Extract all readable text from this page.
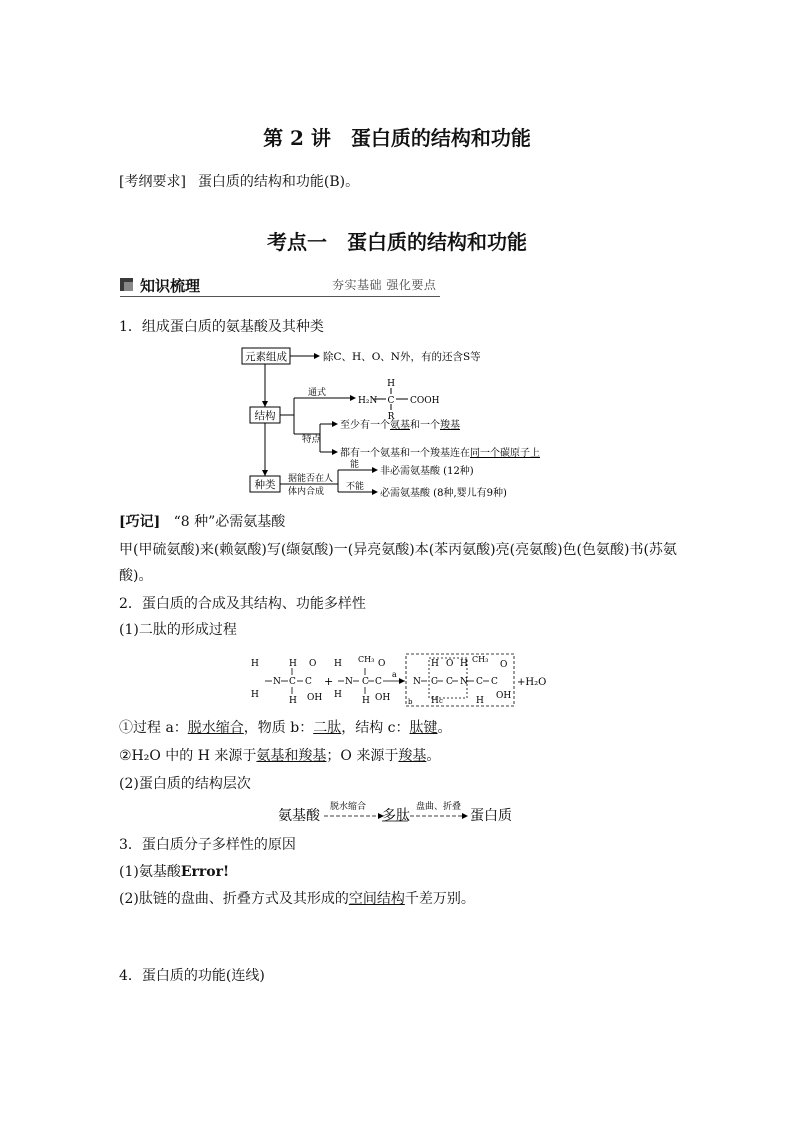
第 2 讲　蛋白质的结构和功能
[考纲要求] 蛋白质的结构和功能(B)。
考点一　蛋白质的结构和功能
知识梳理	夯实基础 强化要点
1．组成蛋白质的氨基酸及其种类
元素组成	除C、H、O、N外，有的还含S等
结构
通式
H
H₂N C COOH
R
特点
至少有一个氨基和一个羧基
都有一个氨基和一个羧基连在同一个碳原子上
种类 据能否在人
体内合成
能
不能
非必需氨基酸 (12种)
必需氨基酸 (8种,婴儿有9种)
[巧记] “8 种”必需氨基酸
甲(甲硫氨酸)来(赖氨酸)写(缬氨酸)一(异亮氨酸)本(苯丙氨酸)亮(亮氨酸)色(色氨酸)书(苏氨
酸)。
2．蛋白质的合成及其结构、功能多样性
(1)二肽的形成过程
H
H
N
H
C
H
C
O
OH
+
H
N
H
CH₃
C
H
C
O
OH
a
b
N
H
C
H c
O
C
H
N
CH₃
C
H
C
O
OH
+H₂O
①过程 a：脱水缩合，物质 b：二肽，结构 c：肽键。
②H₂O 中的 H 来源于氨基和羧基；O 来源于羧基。
(2)蛋白质的结构层次
氨基酸
脱水缩合
多肽
盘曲、折叠
蛋白质
3．蛋白质分子多样性的原因
(1)氨基酸Error!
(2)肽链的盘曲、折叠方式及其形成的空间结构千差万别。
4．蛋白质的功能(连线)
